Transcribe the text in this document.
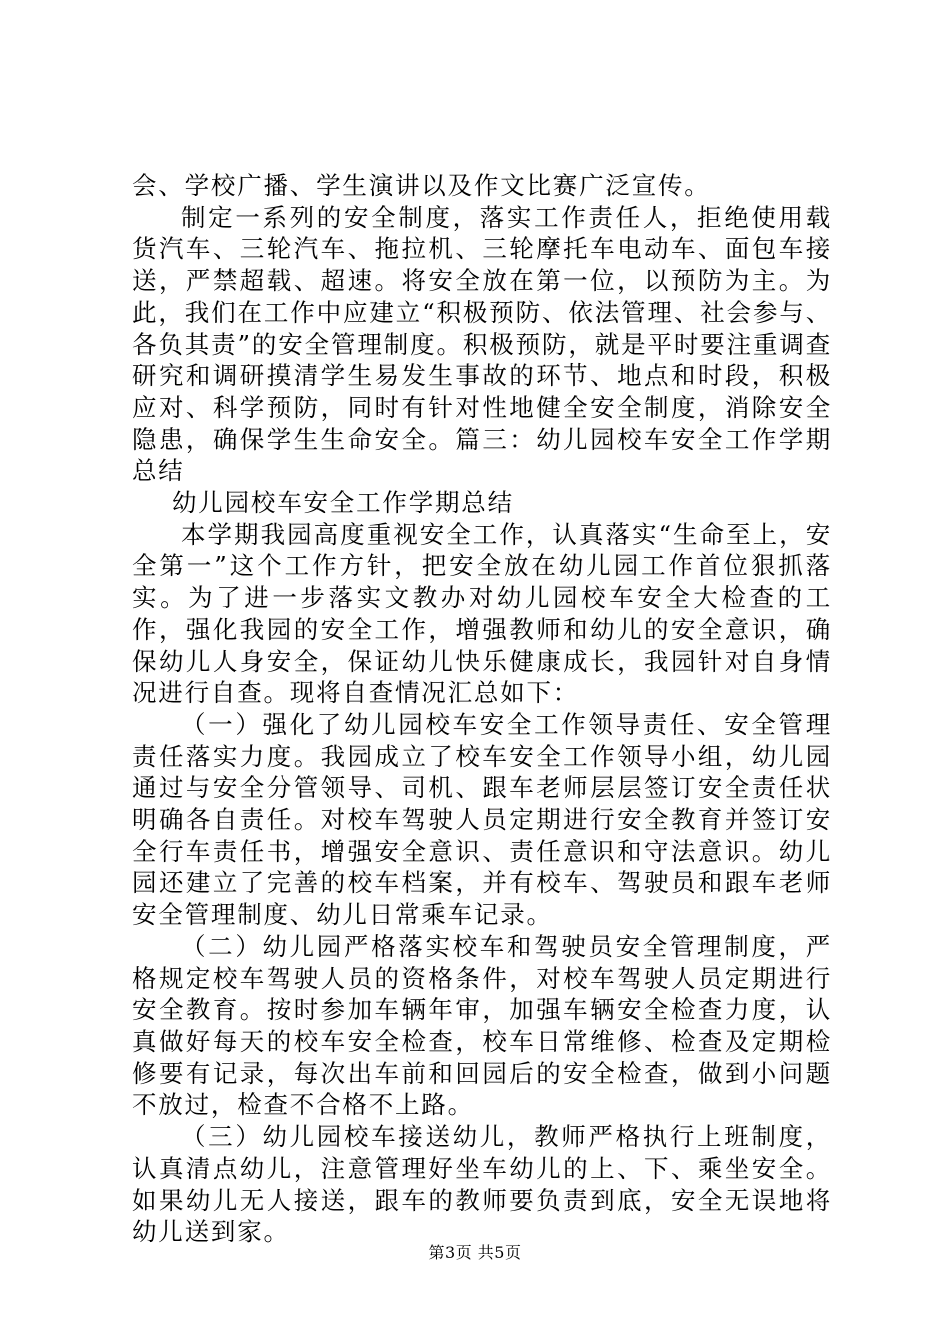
会、学校广播、学生演讲以及作文比赛广泛宣传。

制定一系列的安全制度，落实工作责任人，拒绝使用载货汽车、三轮汽车、拖拉机、三轮摩托车电动车、面包车接送，严禁超载、超速。将安全放在第一位，以预防为主。为此，我们在工作中应建立“积极预防、依法管理、社会参与、各负其责”的安全管理制度。积极预防，就是平时要注重调查研究和调研摸清学生易发生事故的环节、地点和时段，积极应对、科学预防，同时有针对性地健全安全制度，消除安全隐患，确保学生生命安全。篇三：幼儿园校车安全工作学期总结

幼儿园校车安全工作学期总结

本学期我园高度重视安全工作，认真落实“生命至上，安全第一”这个工作方针，把安全放在幼儿园工作首位狠抓落实。为了进一步落实文教办对幼儿园校车安全大检查的工作，强化我园的安全工作，增强教师和幼儿的安全意识，确保幼儿人身安全，保证幼儿快乐健康成长，我园针对自身情况进行自查。现将自查情况汇总如下：

（一）强化了幼儿园校车安全工作领导责任、安全管理责任落实力度。我园成立了校车安全工作领导小组，幼儿园通过与安全分管领导、司机、跟车老师层层签订安全责任状明确各自责任。对校车驾驶人员定期进行安全教育并签订安全行车责任书，增强安全意识、责任意识和守法意识。幼儿园还建立了完善的校车档案，并有校车、驾驶员和跟车老师安全管理制度、幼儿日常乘车记录。

（二）幼儿园严格落实校车和驾驶员安全管理制度，严格规定校车驾驶人员的资格条件，对校车驾驶人员定期进行安全教育。按时参加车辆年审，加强车辆安全检查力度，认真做好每天的校车安全检查，校车日常维修、检查及定期检修要有记录，每次出车前和回园后的安全检查，做到小问题不放过，检查不合格不上路。

（三）幼儿园校车接送幼儿，教师严格执行上班制度，认真清点幼儿，注意管理好坐车幼儿的上、下、乘坐安全。如果幼儿无人接送，跟车的教师要负责到底，安全无误地将幼儿送到家。

第3页 共5页
